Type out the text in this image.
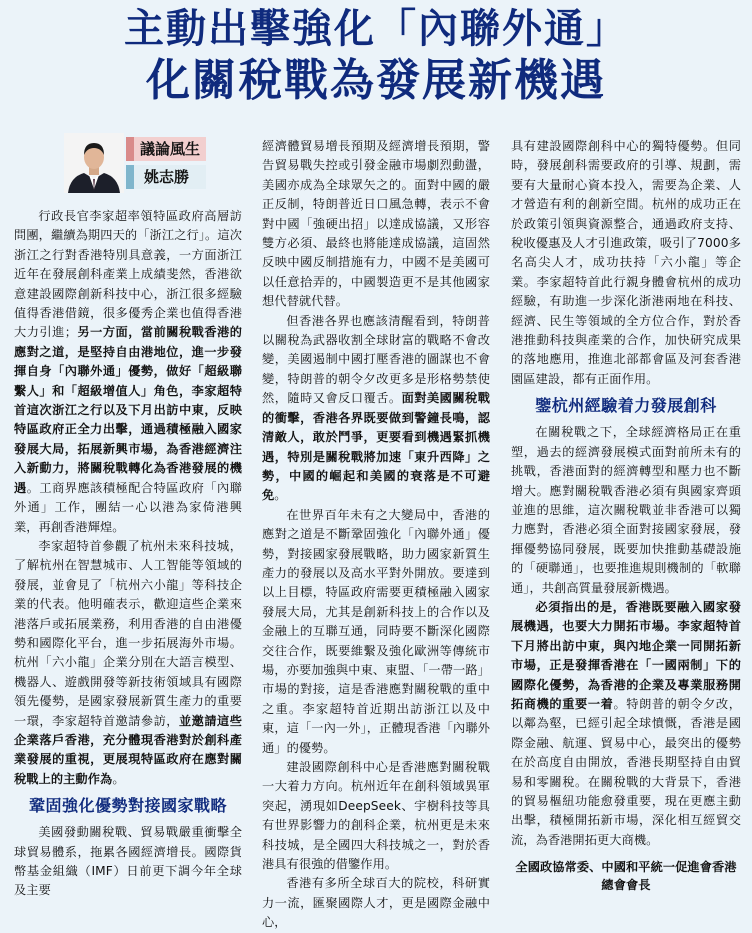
主動出擊強化「內聯外通」
化關稅戰為發展新機遇
議論風生
姚志勝

行政長官李家超率領特區政府高層訪問團，繼續為期四天的「浙江之行」。這次浙江之行對香港特別具意義，一方面浙江近年在發展創科產業上成績斐然，香港欲意建設國際創新科技中心，浙江很多經驗值得香港借鏡，很多優秀企業也值得香港大力引進；另一方面，當前關稅戰香港的應對之道，是堅持自由港地位，進一步發揮自身「內聯外通」優勢，做好「超級聯繫人」和「超級增值人」角色，李家超特首這次浙江之行以及下月出訪中東，反映特區政府正全力出擊，通過積極融入國家發展大局，拓展新興市場，為香港經濟注入新動力，將關稅戰轉化為香港發展的機遇。工商界應該積極配合特區政府「內聯外通」工作，團結一心以港為家倚港興業，再創香港輝煌。

李家超特首參觀了杭州未來科技城，了解杭州在智慧城市、人工智能等領域的發展，並會見了「杭州六小龍」等科技企業的代表。他明確表示，歡迎這些企業來港落戶或拓展業務，利用香港的自由港優勢和國際化平台，進一步拓展海外市場。杭州「六小龍」企業分別在大語言模型、機器人、遊戲開發等新技術領域具有國際領先優勢，是國家發展新質生產力的重要一環，李家超特首邀請參訪，並邀請這些企業落戶香港，充分體現香港對於創科產業發展的重視，更展現特區政府在應對關稅戰上的主動作為。

鞏固強化優勢對接國家戰略

美國發動關稅戰、貿易戰嚴重衝擊全球貿易體系，拖累各國經濟增長。國際貨幣基金組織（IMF）日前更下調今年全球及主要

經濟體貿易增長預期及經濟增長預期，警告貿易戰失控或引發金融市場劇烈動盪，美國亦成為全球眾矢之的。面對中國的嚴正反制，特朗普近日口風急轉，表示不會對中國「強硬出招」以達成協議，又形容雙方必須、最終也將能達成協議，這固然反映中國反制措施有力，中國不是美國可以任意拾弄的，中國製造更不是其他國家想代替就代替。

但香港各界也應該清醒看到，特朗普以關稅為武器收割全球財富的戰略不會改變，美國遏制中國打壓香港的圖謀也不會變，特朗普的朝令夕改更多是形格勢禁使然，隨時又會反口覆舌。面對美國關稅戰的衝擊，香港各界既要做到警鐘長鳴，認清敵人，敢於鬥爭，更要看到機遇緊抓機遇，特別是關稅戰將加速「東升西降」之勢，中國的崛起和美國的衰落是不可避免。

在世界百年未有之大變局中，香港的應對之道是不斷鞏固強化「內聯外通」優勢，對接國家發展戰略，助力國家新質生產力的發展以及高水平對外開放。要達到以上目標，特區政府需要更積極融入國家發展大局，尤其是創新科技上的合作以及金融上的互聯互通，同時要不斷深化國際交往合作，既要維繫及強化歐洲等傳統市場，亦要加強與中東、東盟、「一帶一路」市場的對接，這是香港應對關稅戰的重中之重。李家超特首近期出訪浙江以及中東，這「一內一外」，正體現香港「內聯外通」的優勢。

建設國際創科中心是香港應對關稅戰一大着力方向。杭州近年在創科領域異軍突起，湧現如DeepSeek、宇樹科技等具有世界影響力的創科企業，杭州更是未來科技城，是全國四大科技城之一，對於香港具有很強的借鑒作用。

香港有多所全球百大的院校，科研實力一流，匯聚國際人才，更是國際金融中心，

具有建設國際創科中心的獨特優勢。但同時，發展創科需要政府的引導、規劃，需要有大量耐心資本投入，需要為企業、人才營造有利的創新空間。杭州的成功正在於政策引領與資源整合，通過政府支持、稅收優惠及人才引進政策，吸引了7000多名高尖人才，成功扶持「六小龍」等企業。李家超特首此行親身體會杭州的成功經驗，有助進一步深化浙港兩地在科技、經濟、民生等領域的全方位合作，對於香港推動科技與產業的合作，加快研究成果的落地應用，推進北部都會區及河套香港園區建設，都有正面作用。

鑒杭州經驗着力發展創科

在關稅戰之下，全球經濟格局正在重塑，過去的經濟發展模式面對前所未有的挑戰，香港面對的經濟轉型和壓力也不斷增大。應對關稅戰香港必須有與國家齊頭並進的思維，這次關稅戰並非香港可以獨力應對，香港必須全面對接國家發展，發揮優勢協同發展，既要加快推動基礎設施的「硬聯通」，也要推進規則機制的「軟聯通」，共創高質量發展新機遇。

必須指出的是，香港既要融入國家發展機遇，也要大力開拓市場。李家超特首下月將出訪中東，與內地企業一同開拓新市場，正是發揮香港在「一國兩制」下的國際化優勢，為香港的企業及專業服務開拓商機的重要一着。特朗普的朝令夕改，以鄰為壑，已經引起全球憤慨，香港是國際金融、航運、貿易中心，最突出的優勢在於高度自由開放，香港長期堅持自由貿易和零關稅。在關稅戰的大背景下，香港的貿易樞紐功能愈發重要，現在更應主動出擊，積極開拓新市場，深化相互經貿交流，為香港開拓更大商機。

全國政協常委、中國和平統一促進會香港總會會長
